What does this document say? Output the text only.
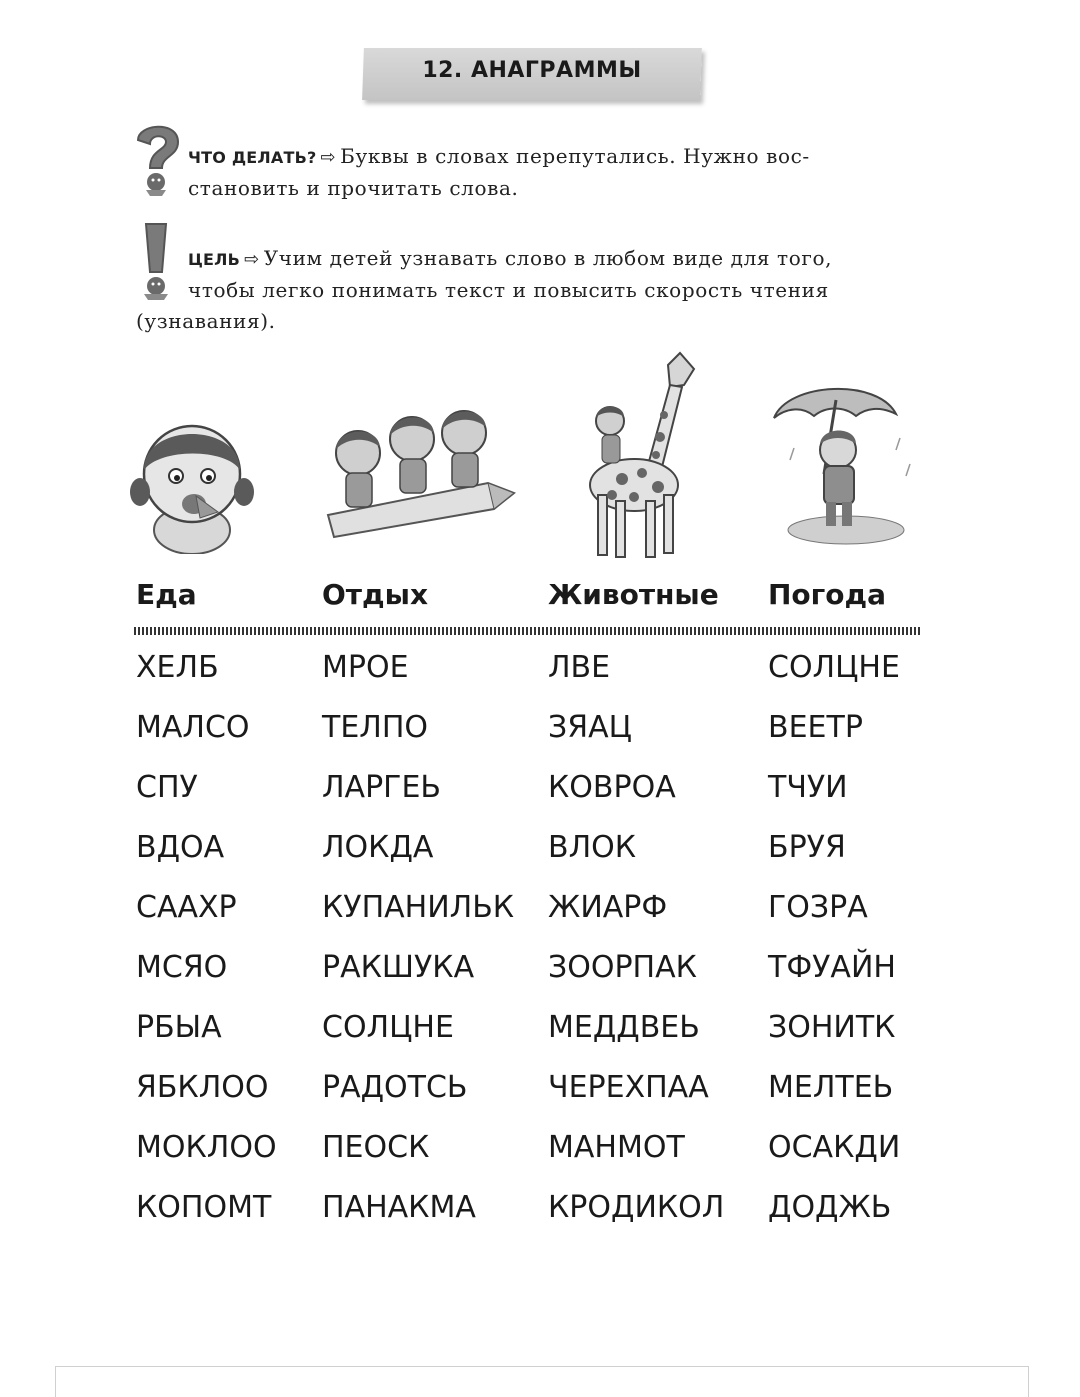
12. АНАГРАММЫ
ЧТО ДЕЛАТЬ? ⇨ Буквы в словах перепутались. Нужно вос-
становить и прочитать слова.
ЦЕЛЬ ⇨ Учим детей узнавать слово в любом виде для того,
чтобы легко понимать текст и повысить скорость чтения
(узнавания).
Еда	Отдых	Животные Погода
ХЕЛБ
МАЛСО
СПУ
ВДОА
СААХР
МСЯО
РБЫА
ЯБКЛОО
МОКЛОО
КОПОМТ
МРОЕ
ТЕЛПО
ЛАРГЕЬ
ЛОКДА
КУПАНИЛЬК
РАКШУКА
СОЛЦНЕ
РАДОТСЬ
ПЕОСК
ПАНАКМА
ЛВЕ
ЗЯАЦ
КОВРОА
ВЛОК
ЖИАРФ
ЗООРПАК
МЕДДВЕЬ
ЧЕРЕХПАА
МАНМОТ
КРОДИКОЛ
СОЛЦНЕ
ВЕЕТР
ТЧУИ
БРУЯ
ГОЗРА
ТФУАЙН
ЗОНИТК
МЕЛТЕЬ
ОСАКДИ
ДОДЖЬ
